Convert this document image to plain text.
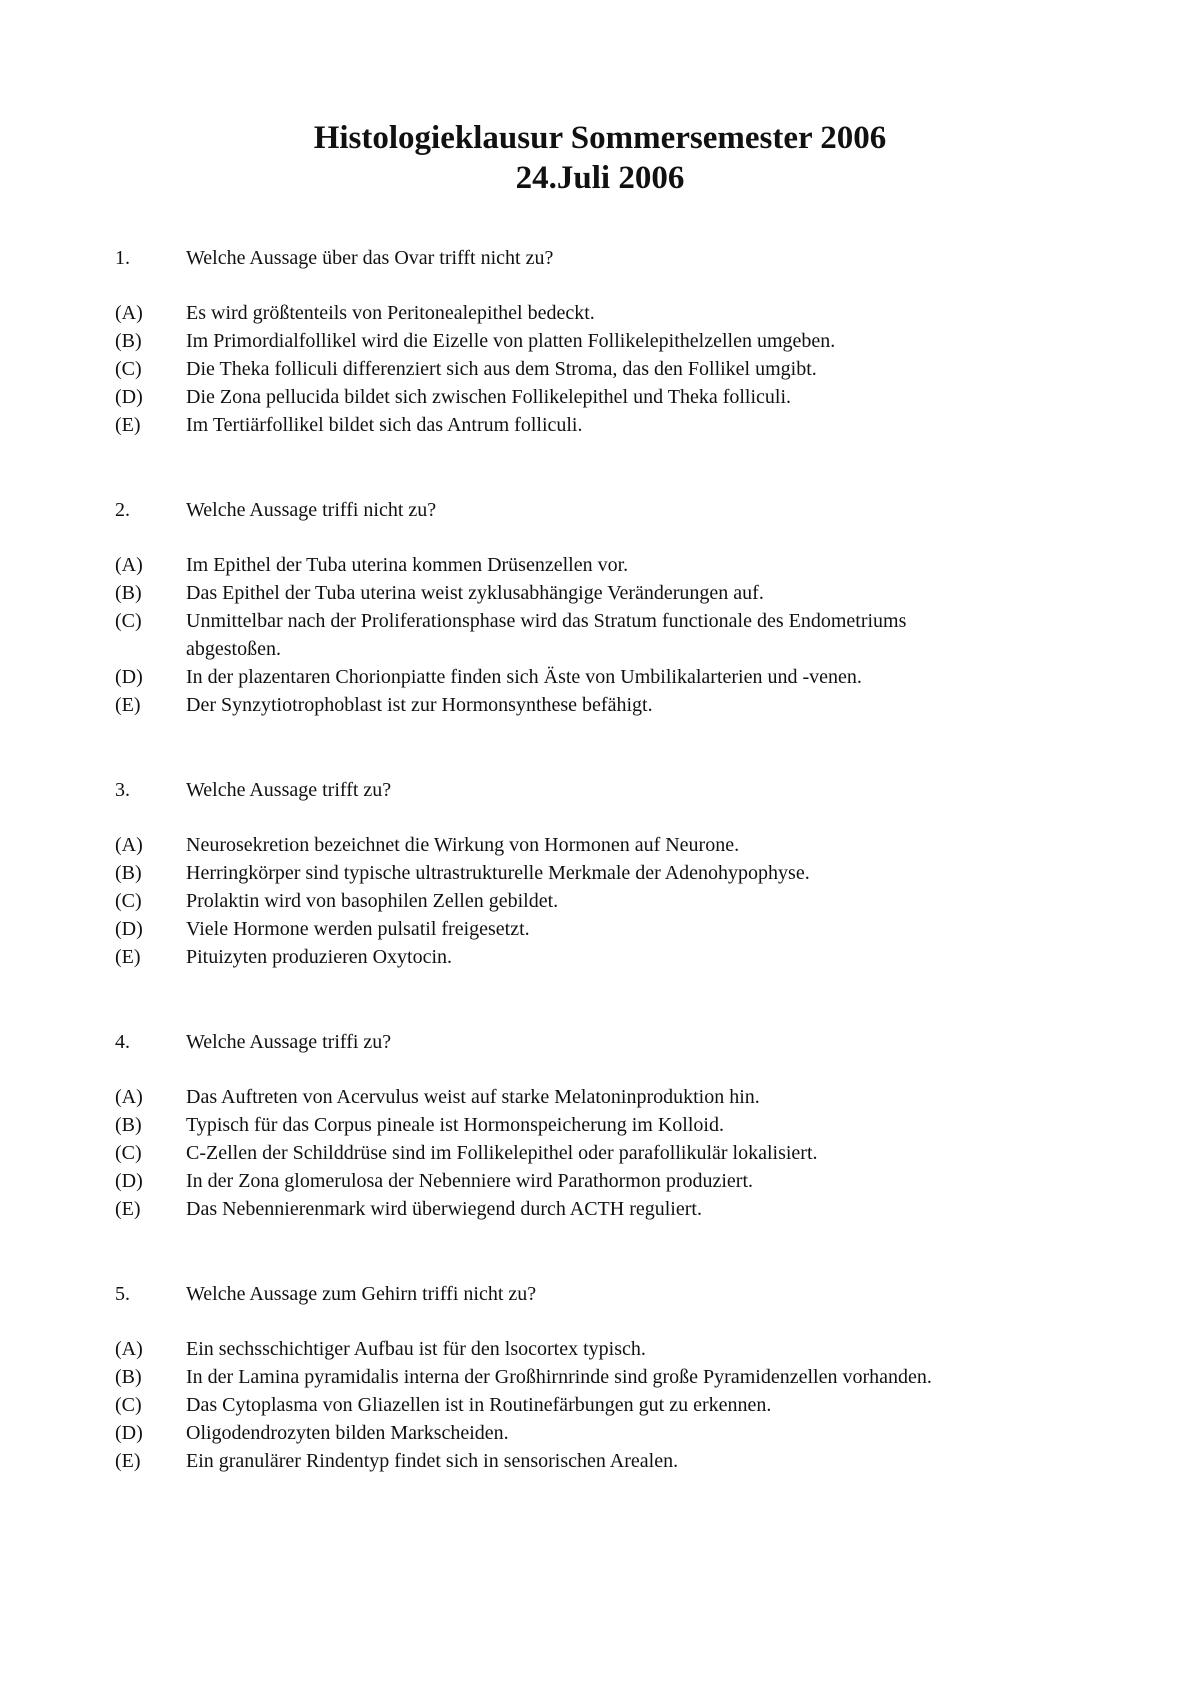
Histologieklausur Sommersemester 2006
24.Juli 2006
1.	Welche Aussage über das Ovar trifft nicht zu?
(A) Es wird größtenteils von Peritonealepithel bedeckt.
(B) Im Primordialfollikel wird die Eizelle von platten Follikelepithelzellen umgeben.
(C) Die Theka folliculi differenziert sich aus dem Stroma, das den Follikel umgibt.
(D) Die Zona pellucida bildet sich zwischen Follikelepithel und Theka folliculi.
(E) Im Tertiärfollikel bildet sich das Antrum folliculi.
2.	Welche Aussage triffi nicht zu?
(A) Im Epithel der Tuba uterina kommen Drüsenzellen vor.
(B) Das Epithel der Tuba uterina weist zyklusabhängige Veränderungen auf.
(C) Unmittelbar nach der Proliferationsphase wird das Stratum functionale des Endometriums abgestoßen.
(D) In der plazentaren Chorionpiatte finden sich Äste von Umbilikalarterien und -venen.
(E) Der Synzytiotrophoblast ist zur Hormonsynthese befähigt.
3.	Welche Aussage trifft zu?
(A) Neurosekretion bezeichnet die Wirkung von Hormonen auf Neurone.
(B) Herringkörper sind typische ultrastrukturelle Merkmale der Adenohypophyse.
(C) Prolaktin wird von basophilen Zellen gebildet.
(D) Viele Hormone werden pulsatil freigesetzt.
(E) Pituizyten produzieren Oxytocin.
4.	Welche Aussage triffi zu?
(A) Das Auftreten von Acervulus weist auf starke Melatoninproduktion hin.
(B) Typisch für das Corpus pineale ist Hormonspeicherung im Kolloid.
(C) C-Zellen der Schilddrüse sind im Follikelepithel oder parafollikulär lokalisiert.
(D) In der Zona glomerulosa der Nebenniere wird Parathormon produziert.
(E) Das Nebennierenmark wird überwiegend durch ACTH reguliert.
5.	Welche Aussage zum Gehirn triffi nicht zu?
(A) Ein sechsschichtiger Aufbau ist für den lsocortex typisch.
(B) In der Lamina pyramidalis interna der Großhirnrinde sind große Pyramidenzellen vorhanden.
(C) Das Cytoplasma von Gliazellen ist in Routinefärbungen gut zu erkennen.
(D) Oligodendrozyten bilden Markscheiden.
(E) Ein granulärer Rindentyp findet sich in sensorischen Arealen.
